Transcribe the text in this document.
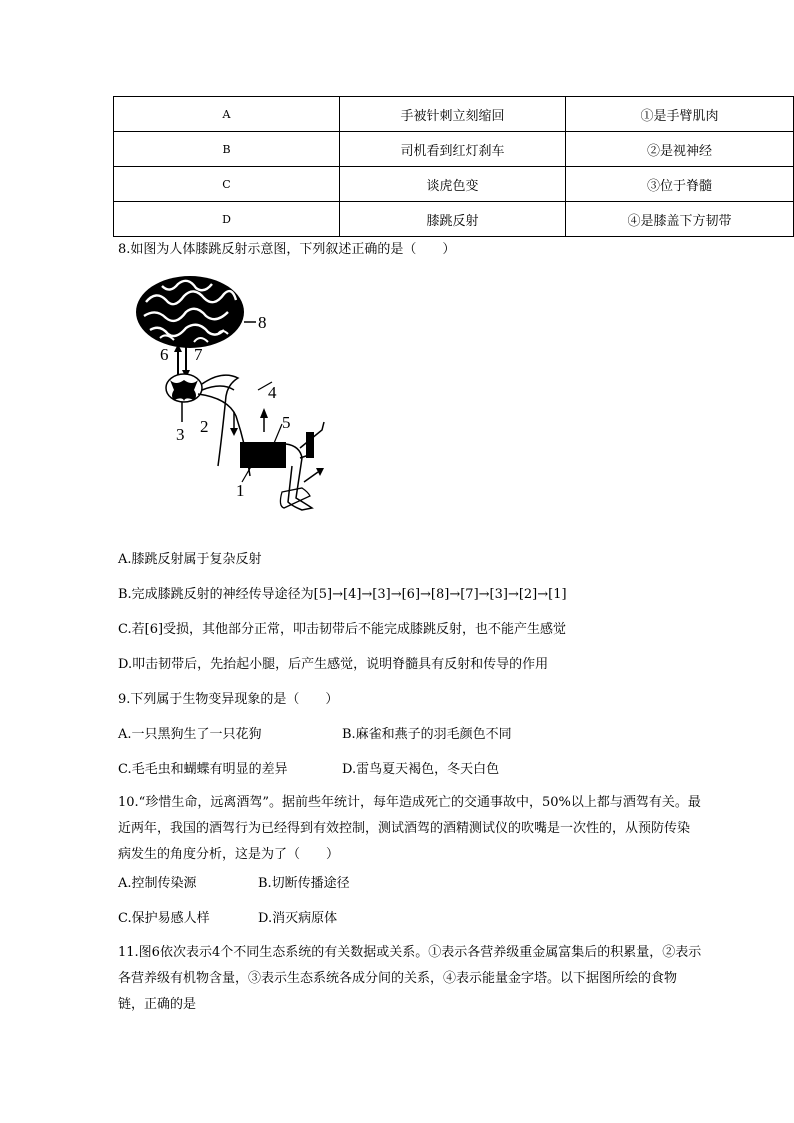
A	手被针刺立刻缩回	①是手臂肌肉
B	司机看到红灯刹车	②是视神经
C	谈虎色变	③位于脊髓
D	膝跳反射	④是膝盖下方韧带
8.如图为人体膝跳反射示意图，下列叙述正确的是（　　）
8
6 7
4
3 2	5
1
A.膝跳反射属于复杂反射
B.完成膝跳反射的神经传导途径为[5]→[4]→[3]→[6]→[8]→[7]→[3]→[2]→[1]
C.若[6]受损，其他部分正常，叩击韧带后不能完成膝跳反射，也不能产生感觉
D.叩击韧带后，先抬起小腿，后产生感觉，说明脊髓具有反射和传导的作用
9.下列属于生物变异现象的是（　　）
A.一只黑狗生了一只花狗	B.麻雀和燕子的羽毛颜色不同
C.毛毛虫和蝴蝶有明显的差异	D.雷鸟夏天褐色，冬天白色
10.“珍惜生命，远离酒驾”。据前些年统计，每年造成死亡的交通事故中，50%以上都与酒驾有关。最近两年，我国的酒驾行为已经得到有效控制，测试酒驾的酒精测试仪的吹嘴是一次性的，从预防传染病发生的角度分析，这是为了（　　）
A.控制传染源	B.切断传播途径
C.保护易感人样	D.消灭病原体
11.图6依次表示4个不同生态系统的有关数据或关系。①表示各营养级重金属富集后的积累量，②表示各营养级有机物含量，③表示生态系统各成分间的关系，④表示能量金字塔。以下据图所绘的食物链，正确的是
